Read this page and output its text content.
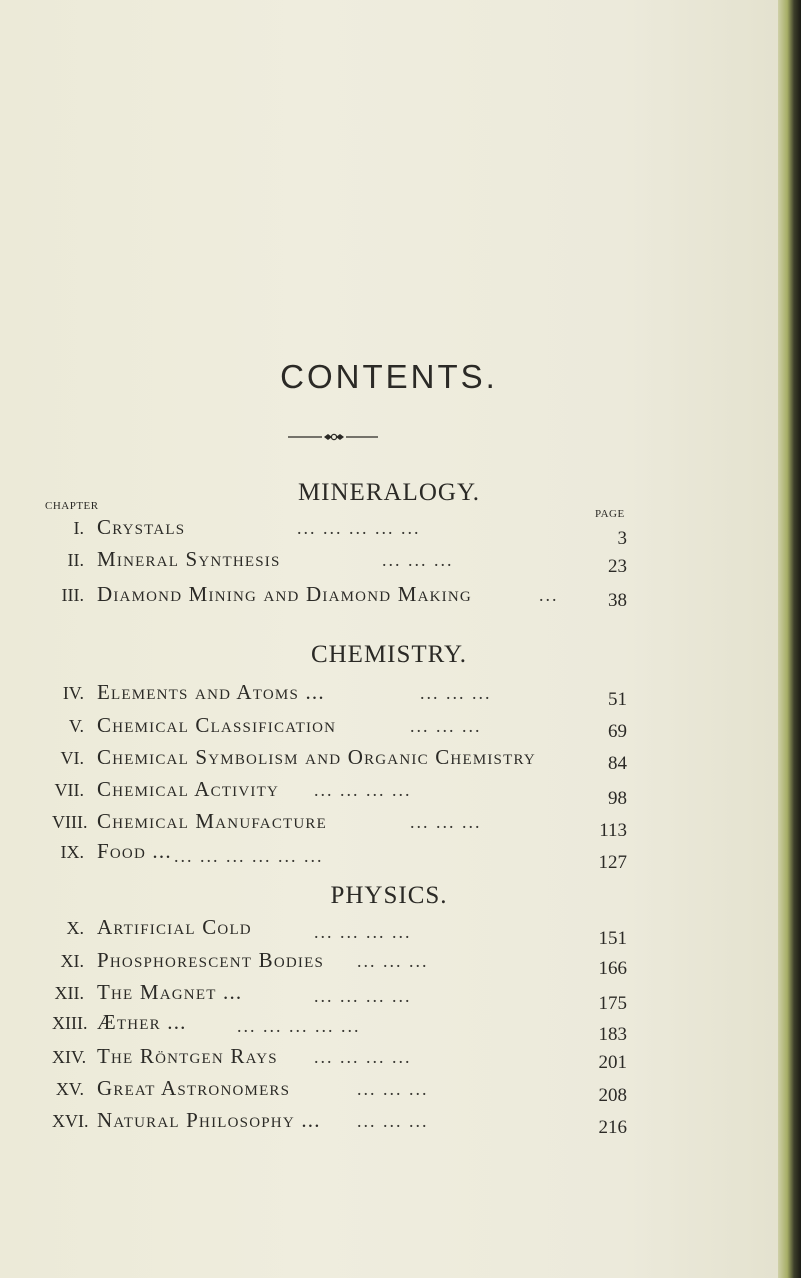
CONTENTS.
MINERALOGY.
CHAPTER
PAGE
I. Crystals	... ... ... ... ...	3
II. Mineral Synthesis	... ... ...	23
III. Diamond Mining and Diamond Making	...	38
CHEMISTRY.
IV. Elements and Atoms ...	... ... ...	51
V. Chemical Classification	... ... ...	69
VI. Chemical Symbolism and Organic Chemistry	84
VII. Chemical Activity ... ... ... ...	98
VIII. Chemical Manufacture	... ... ...	113
IX. Food ... ... ... ... ... ... ...	127
PHYSICS.
X. Artificial Cold	... ... ... ...	151
XI. Phosphorescent Bodies ... ... ...	166
XII. The Magnet ...	... ... ... ...	175
XIII. Æther ...	... ... ... ... ...	183
XIV. The Röntgen Rays ... ... ... ...	201
XV. Great Astronomers	... ... ...	208
XVI. Natural Philosophy ... ... ... ...	216
